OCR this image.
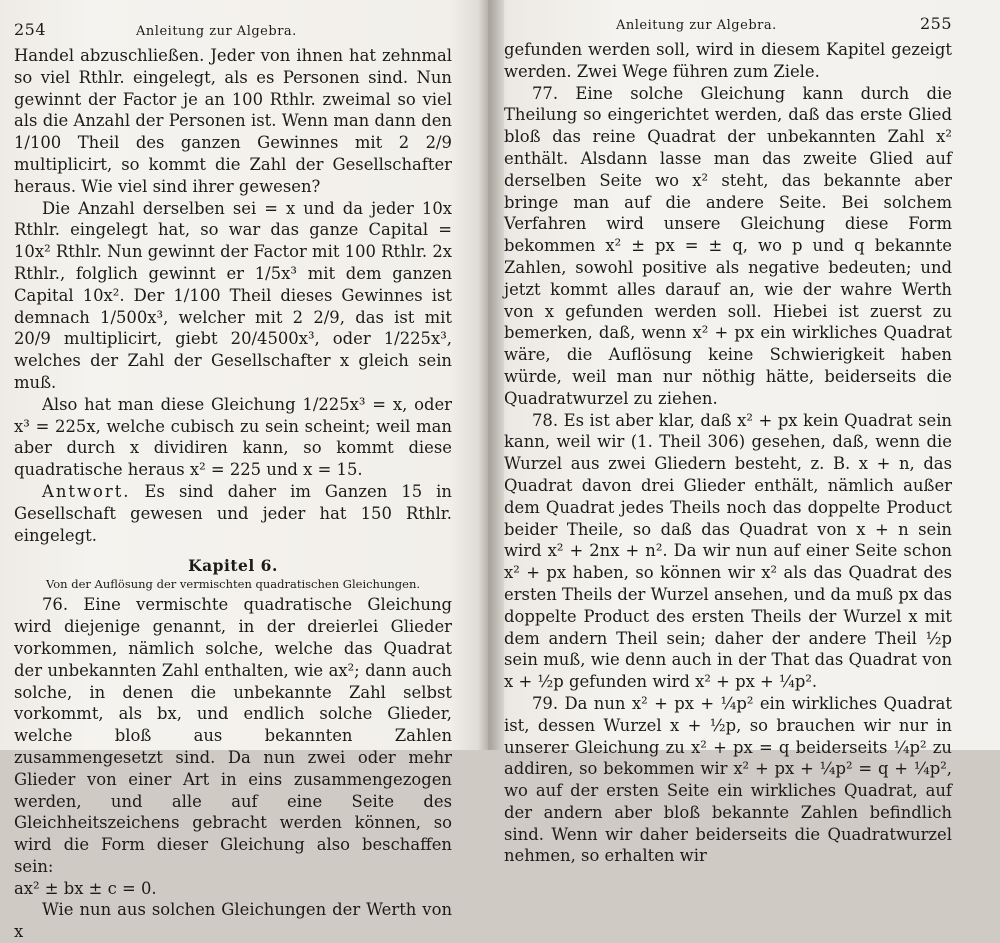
254	Anleitung zur Algebra.

Handel abzuschließen. Jeder von ihnen hat zehnmal so viel Rthlr. eingelegt, als es Personen sind. Nun gewinnt der Factor je an 100 Rthlr. zweimal so viel als die Anzahl der Personen ist. Wenn man dann den 1/100 Theil des ganzen Gewinnes mit 2 2/9 multiplicirt, so kommt die Zahl der Gesellschafter heraus. Wie viel sind ihrer gewesen?

Die Anzahl derselben sei = x und da jeder 10x Rthlr. eingelegt hat, so war das ganze Capital = 10x² Rthlr. Nun gewinnt der Factor mit 100 Rthlr. 2x Rthlr., folglich gewinnt er 1/5x³ mit dem ganzen Capital 10x². Der 1/100 Theil dieses Gewinnes ist demnach 1/500x³, welcher mit 2 2/9, das ist mit 20/9 multiplicirt, giebt 20/4500x³, oder 1/225x³, welches der Zahl der Gesellschafter x gleich sein muß.

Also hat man diese Gleichung 1/225x³ = x, oder x³ = 225x, welche cubisch zu sein scheint; weil man aber durch x dividiren kann, so kommt diese quadratische heraus x² = 225 und x = 15.

Antwort. Es sind daher im Ganzen 15 in Gesellschaft gewesen und jeder hat 150 Rthlr. eingelegt.

Kapitel 6.
Von der Auflösung der vermischten quadratischen Gleichungen.

76. Eine vermischte quadratische Gleichung wird diejenige genannt, in der dreierlei Glieder vorkommen, nämlich solche, welche das Quadrat der unbekannten Zahl enthalten, wie ax²; dann auch solche, in denen die unbekannte Zahl selbst vorkommt, als bx, und endlich solche Glieder, welche bloß aus bekannten Zahlen zusammengesetzt sind. Da nun zwei oder mehr Glieder von einer Art in eins zusammengezogen werden, und alle auf eine Seite des Gleichheitszeichens gebracht werden können, so wird die Form dieser Gleichung also beschaffen sein:

ax² ± bx ± c = 0.

Wie nun aus solchen Gleichungen der Werth von x

Anleitung zur Algebra.	255

gefunden werden soll, wird in diesem Kapitel gezeigt werden. Zwei Wege führen zum Ziele.

77. Eine solche Gleichung kann durch die Theilung so eingerichtet werden, daß das erste Glied bloß das reine Quadrat der unbekannten Zahl x² enthält. Alsdann lasse man das zweite Glied auf derselben Seite wo x² steht, das bekannte aber bringe man auf die andere Seite. Bei solchem Verfahren wird unsere Gleichung diese Form bekommen x² ± px = ± q, wo p und q bekannte Zahlen, sowohl positive als negative bedeuten; und jetzt kommt alles darauf an, wie der wahre Werth von x gefunden werden soll. Hiebei ist zuerst zu bemerken, daß, wenn x² + px ein wirkliches Quadrat wäre, die Auflösung keine Schwierigkeit haben würde, weil man nur nöthig hätte, beiderseits die Quadratwurzel zu ziehen.

78. Es ist aber klar, daß x² + px kein Quadrat sein kann, weil wir (1. Theil 306) gesehen, daß, wenn die Wurzel aus zwei Gliedern besteht, z. B. x + n, das Quadrat davon drei Glieder enthält, nämlich außer dem Quadrat jedes Theils noch das doppelte Product beider Theile, so daß das Quadrat von x + n sein wird x² + 2nx + n². Da wir nun auf einer Seite schon x² + px haben, so können wir x² als das Quadrat des ersten Theils der Wurzel ansehen, und da muß px das doppelte Product des ersten Theils der Wurzel x mit dem andern Theil sein; daher der andere Theil ½p sein muß, wie denn auch in der That das Quadrat von x + ½p gefunden wird x² + px + ¼p².

79. Da nun x² + px + ¼p² ein wirkliches Quadrat ist, dessen Wurzel x + ½p, so brauchen wir nur in unserer Gleichung zu x² + px = q beiderseits ¼p² zu addiren, so bekommen wir x² + px + ¼p² = q + ¼p², wo auf der ersten Seite ein wirkliches Quadrat, auf der andern aber bloß bekannte Zahlen befindlich sind. Wenn wir daher beiderseits die Quadratwurzel nehmen, so erhalten wir
